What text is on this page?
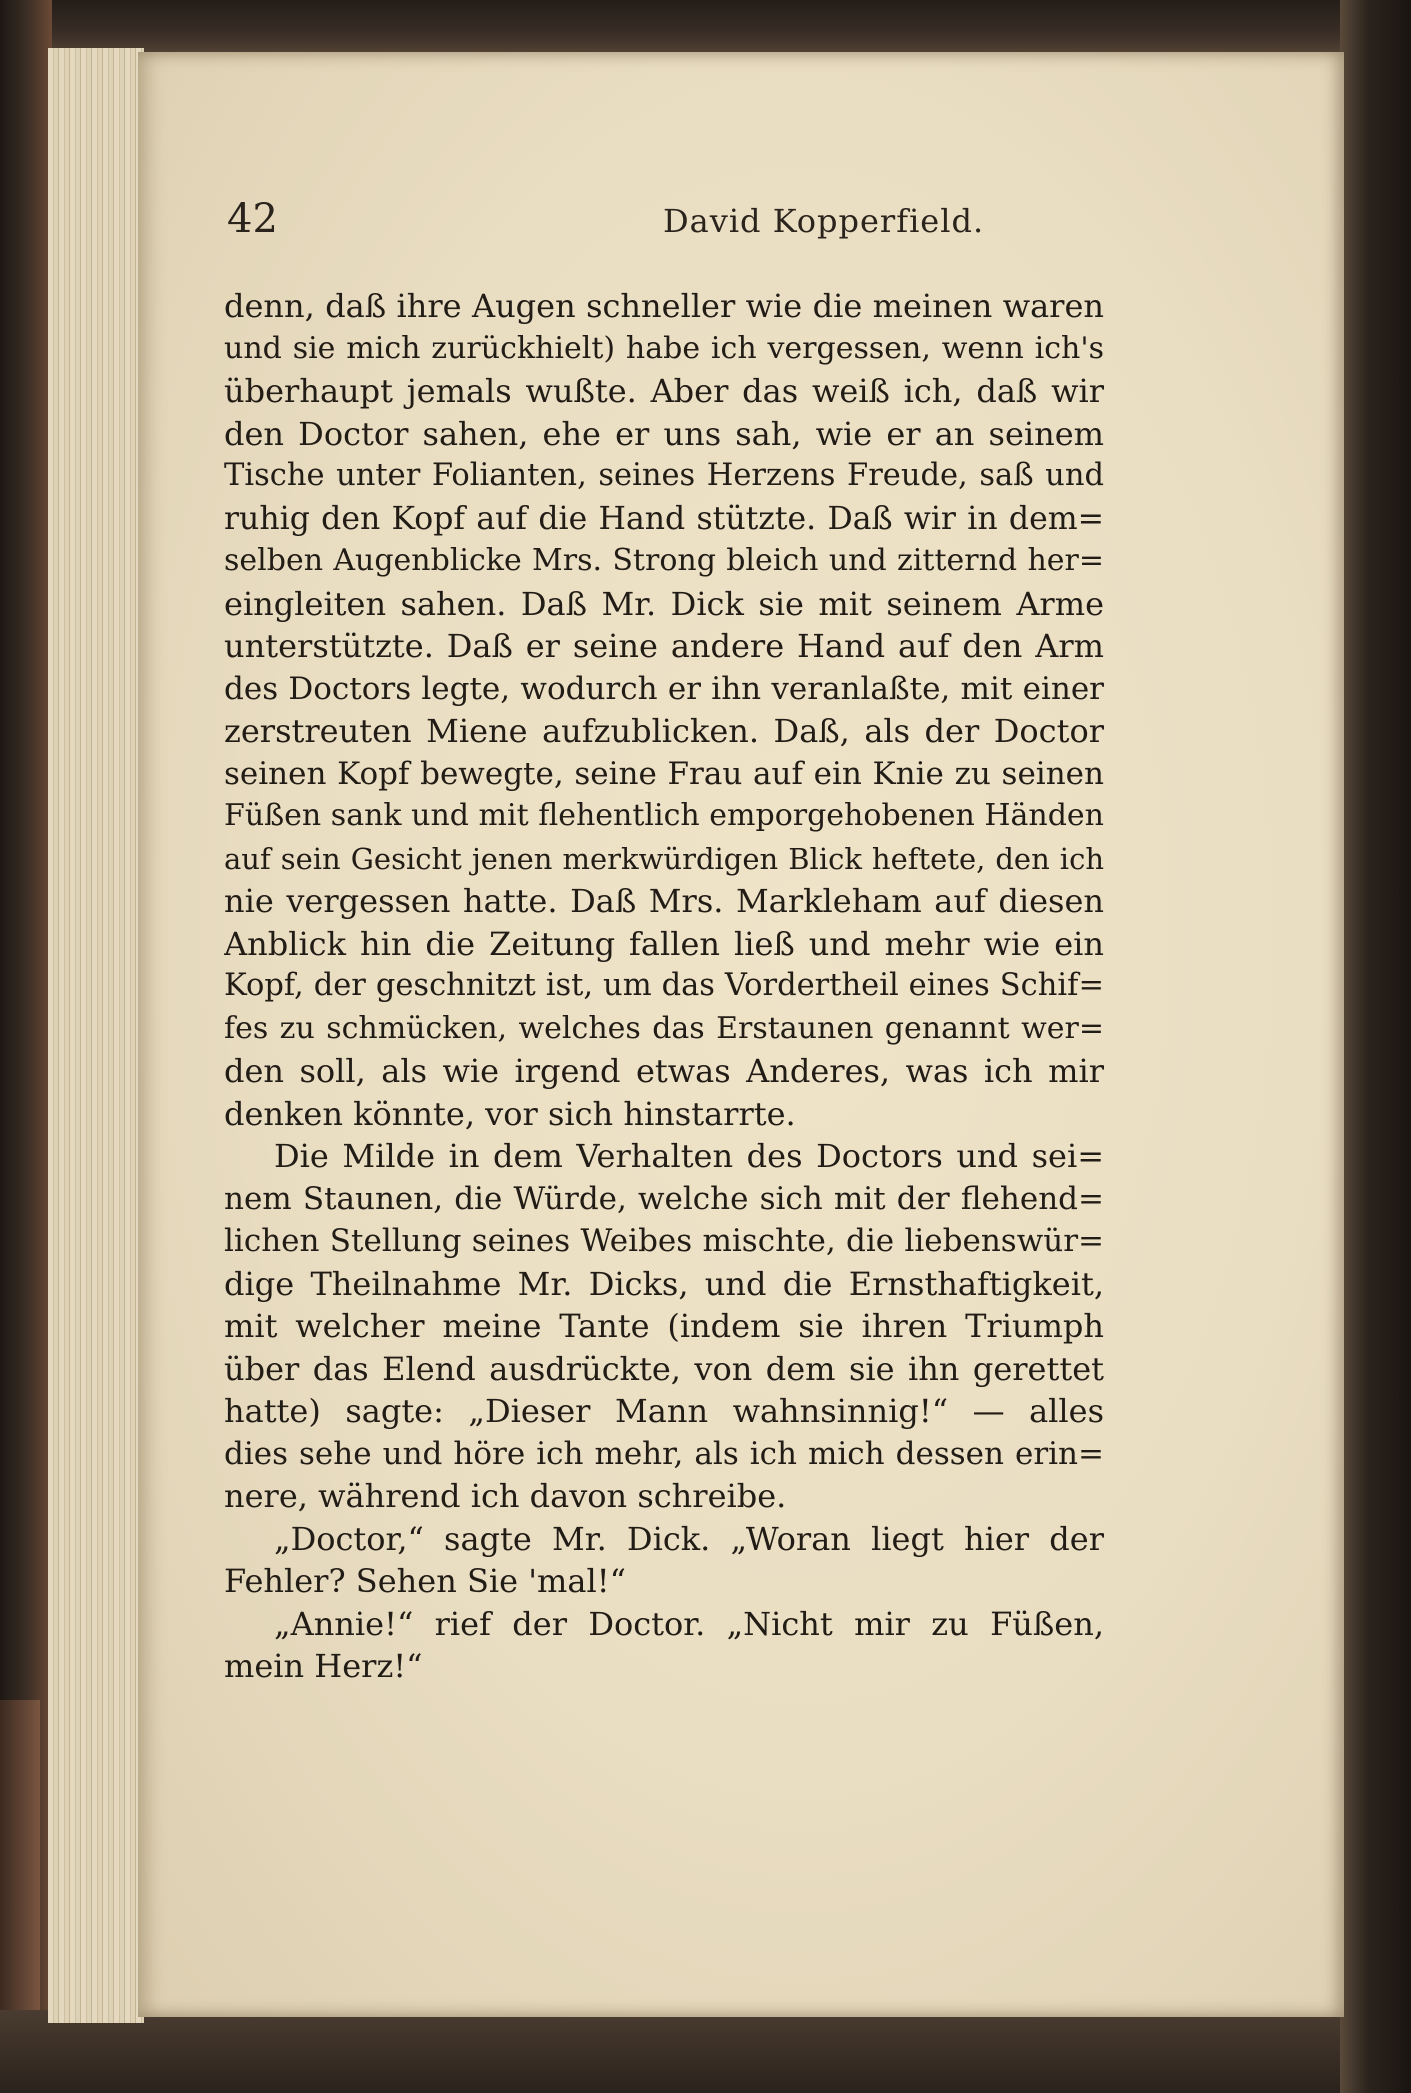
42	David Kopperfield.
denn, daß ihre Augen schneller wie die meinen waren
und sie mich zurückhielt) habe ich vergessen, wenn ich's
überhaupt jemals wußte. Aber das weiß ich, daß wir
den Doctor sahen, ehe er uns sah, wie er an seinem
Tische unter Folianten, seines Herzens Freude, saß und
ruhig den Kopf auf die Hand stützte. Daß wir in dem=
selben Augenblicke Mrs. Strong bleich und zitternd her=
eingleiten sahen. Daß Mr. Dick sie mit seinem Arme
unterstützte. Daß er seine andere Hand auf den Arm
des Doctors legte, wodurch er ihn veranlaßte, mit einer
zerstreuten Miene aufzublicken. Daß, als der Doctor
seinen Kopf bewegte, seine Frau auf ein Knie zu seinen
Füßen sank und mit flehentlich emporgehobenen Händen
auf sein Gesicht jenen merkwürdigen Blick heftete, den ich
nie vergessen hatte. Daß Mrs. Markleham auf diesen
Anblick hin die Zeitung fallen ließ und mehr wie ein
Kopf, der geschnitzt ist, um das Vordertheil eines Schif=
fes zu schmücken, welches das Erstaunen genannt wer=
den soll, als wie irgend etwas Anderes, was ich mir
denken könnte, vor sich hinstarrte.
Die Milde in dem Verhalten des Doctors und sei=
nem Staunen, die Würde, welche sich mit der flehend=
lichen Stellung seines Weibes mischte, die liebenswür=
dige Theilnahme Mr. Dicks, und die Ernsthaftigkeit,
mit welcher meine Tante (indem sie ihren Triumph
über das Elend ausdrückte, von dem sie ihn gerettet
hatte) sagte: „Dieser Mann wahnsinnig!“ — alles
dies sehe und höre ich mehr, als ich mich dessen erin=
nere, während ich davon schreibe.
„Doctor,“ sagte Mr. Dick. „Woran liegt hier der
Fehler? Sehen Sie 'mal!“
„Annie!“ rief der Doctor. „Nicht mir zu Füßen,
mein Herz!“
